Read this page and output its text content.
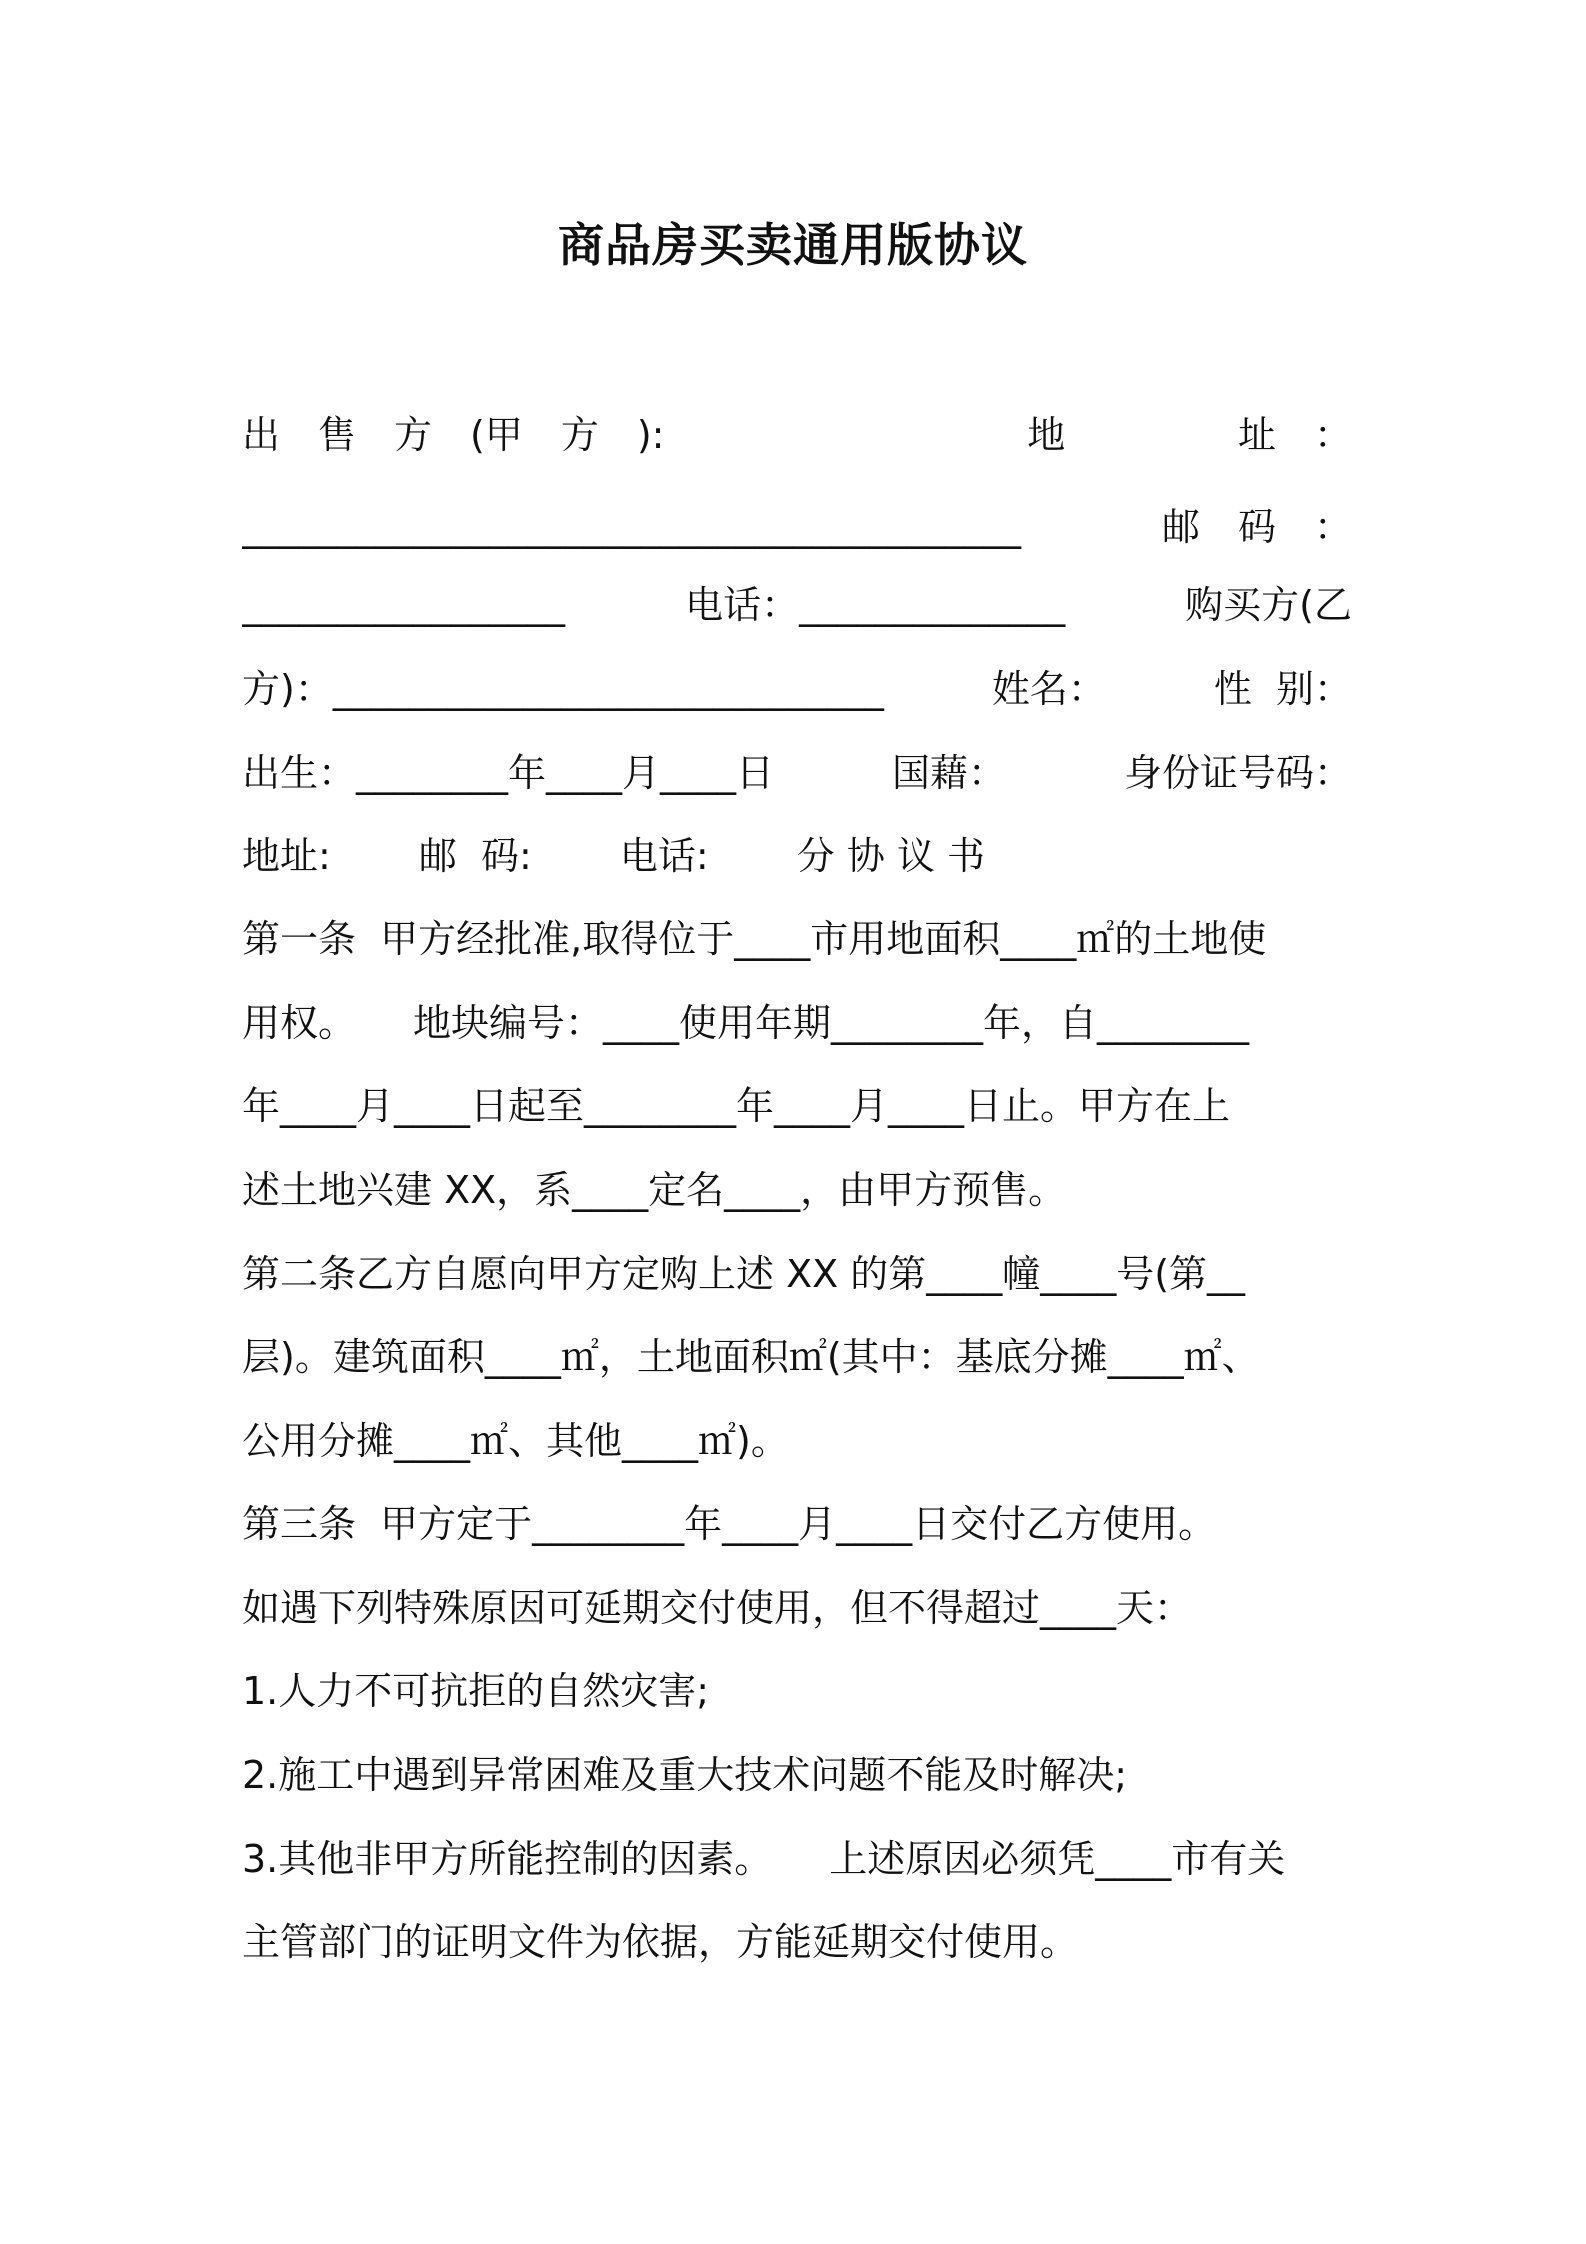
商品房买卖通用版协议
出　售　方　(甲　方　):	地	址　：
_________________________________________	邮　码　：
_________________	电话：______________	购买方(乙
方)：_____________________________	姓名：	性  别：
出生：________年____月____日	国藉：	身份证号码：
地址:　　 邮  码:　　 电话:　　 分 协 议 书
第一条  甲方经批准,取得位于____市用地面积____㎡的土地使
用权。　　地块编号：____使用年期________年，自________
年____月____日起至________年____月____日止。甲方在上
述土地兴建 XX，系____定名____，由甲方预售。
第二条乙方自愿向甲方定购上述 XX 的第____幢____号(第__
层)。建筑面积____㎡，土地面积㎡(其中：基底分摊____㎡、
公用分摊____㎡、其他____㎡)。
第三条  甲方定于________年____月____日交付乙方使用。
如遇下列特殊原因可延期交付使用，但不得超过____天：
1.人力不可抗拒的自然灾害;
2.施工中遇到异常困难及重大技术问题不能及时解决;
3.其他非甲方所能控制的因素。　　上述原因必须凭____市有关
主管部门的证明文件为依据，方能延期交付使用。
